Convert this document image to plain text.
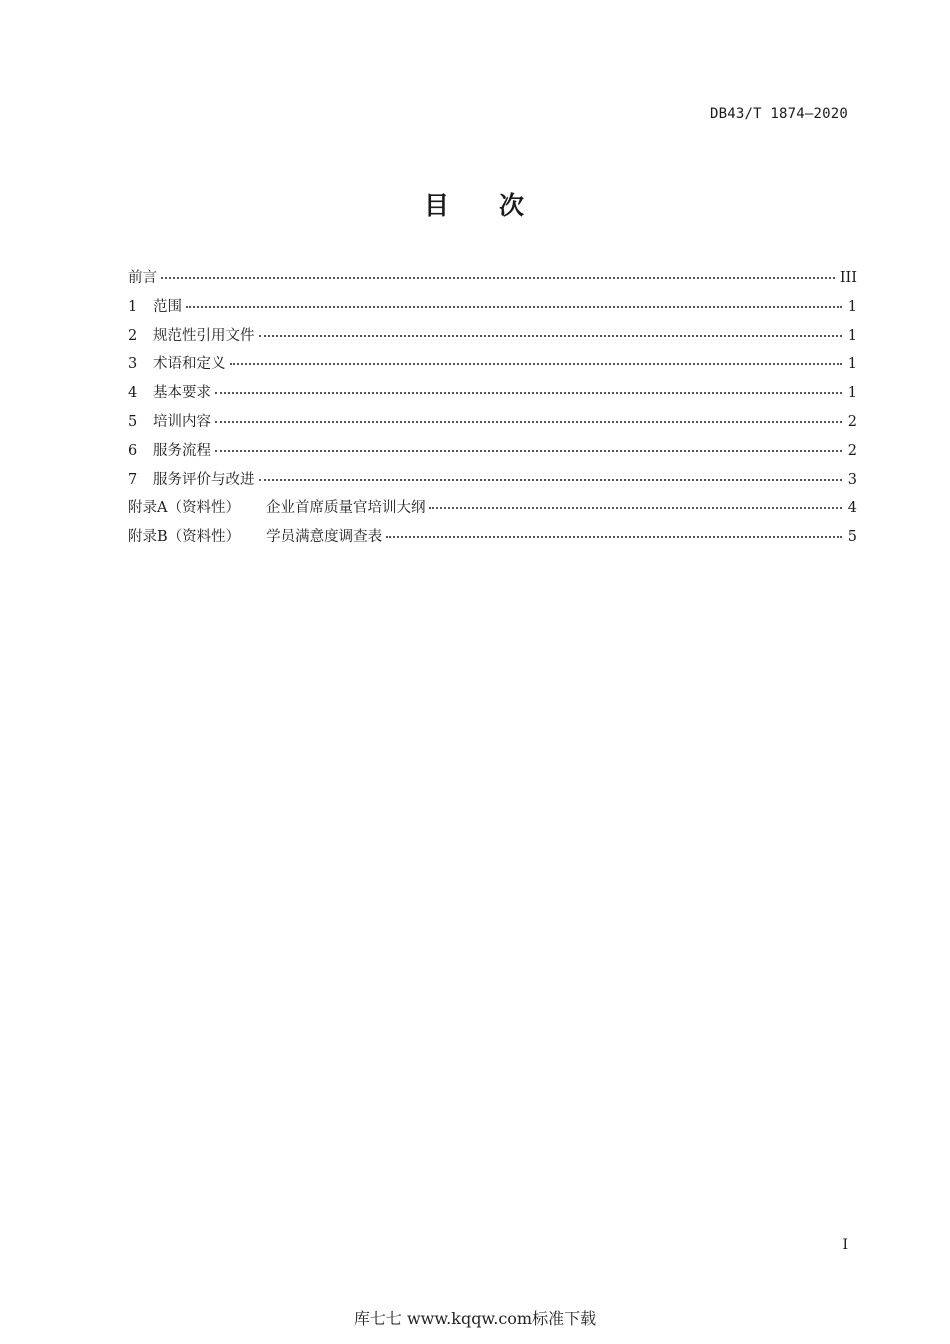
DB43/T 1874—2020
目 次
前言	III
1	范围	1
2	规范性引用文件	1
3	术语和定义	1
4	基本要求	1
5	培训内容	2
6	服务流程	2
7	服务评价与改进	3
附录A（资料性） 企业首席质量官培训大纲	4
附录B（资料性） 学员满意度调查表	5
I
库七七 www.kqqw.com标准下载
